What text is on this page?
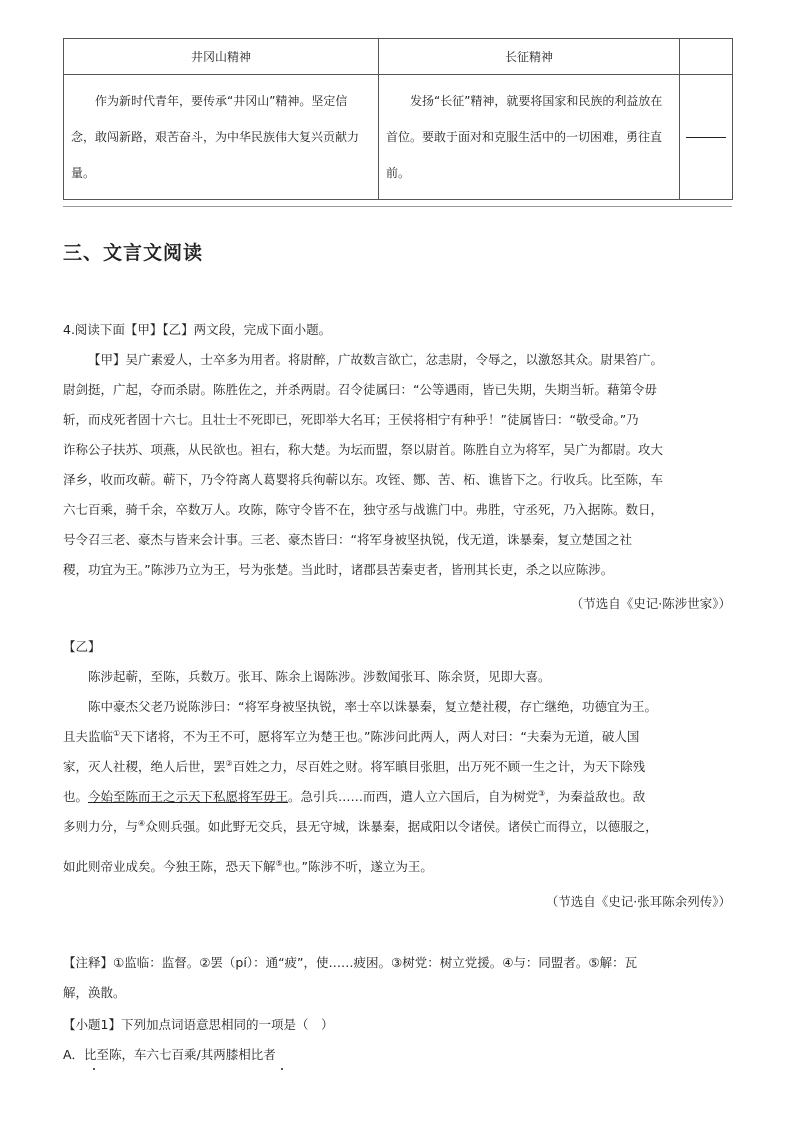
井冈山精神	长征精神	

作为新时代青年，要传承“井冈山”精神。坚定信念，敢闯新路，艰苦奋斗，为中华民族伟大复兴贡献力量。	发扬“长征”精神，就要将国家和民族的利益放在首位。要敢于面对和克服生活中的一切困难，勇往直前。	

三、文言文阅读
4.阅读下面【甲】【乙】两文段，完成下面小题。
【甲】吴广素爱人，士卒多为用者。将尉醉，广故数言欲亡，忿恚尉，令辱之，以激怒其众。尉果笞广。
尉剑挺，广起，夺而杀尉。陈胜佐之，并杀两尉。召令徒属曰：“公等遇雨，皆已失期，失期当斩。藉第令毋
斩，而戍死者固十六七。且壮士不死即已，死即举大名耳；王侯将相宁有种乎！”徒属皆曰：“敬受命。”乃
诈称公子扶苏、项燕，从民欲也。袒右，称大楚。为坛而盟，祭以尉首。陈胜自立为将军，吴广为都尉。攻大
泽乡，收而攻蕲。蕲下，乃令符离人葛婴将兵徇蕲以东。攻铚、酂、苦、柘、谯皆下之。行收兵。比至陈，车
六七百乘，骑千余，卒数万人。攻陈，陈守令皆不在，独守丞与战谯门中。弗胜，守丞死，乃入据陈。数日，
号令召三老、豪杰与皆来会计事。三老、豪杰皆曰：“将军身被坚执锐，伐无道，诛暴秦，复立楚国之社
稷，功宜为王。”陈涉乃立为王，号为张楚。当此时，诸郡县苦秦吏者，皆刑其长吏，杀之以应陈涉。
（节选自《史记·陈涉世家》）
【乙】
陈涉起蕲，至陈，兵数万。张耳、陈余上谒陈涉。涉数闻张耳、陈余贤，见即大喜。
陈中豪杰父老乃说陈涉曰：“将军身被坚执锐，率士卒以诛暴秦，复立楚社稷，存亡继绝，功德宜为王。
且夫监临①天下诸将，不为王不可，愿将军立为楚王也。”陈涉问此两人，两人对曰：“夫秦为无道，破人国
家，灭人社稷，绝人后世，罢②百姓之力，尽百姓之财。将军瞋目张胆，出万死不顾一生之计，为天下除残
也。今始至陈而王之示天下私愿将军毋王。急引兵……而西，遣人立六国后，自为树党③，为秦益敌也。敌
多则力分，与④众则兵强。如此野无交兵，县无守城，诛暴秦，据咸阳以令诸侯。诸侯亡而得立，以德服之，
如此则帝业成矣。今独王陈，恐天下解⑤也。”陈涉不听，遂立为王。
（节选自《史记·张耳陈余列传》）
【注释】①监临：监督。②罢（pí）：通“疲”，使……疲困。③树党：树立党援。④与：同盟者。⑤解：瓦
解，涣散。
【小题1】下列加点词语意思相同的一项是（　）
A．比至陈，车六七百乘/其两膝相比者
